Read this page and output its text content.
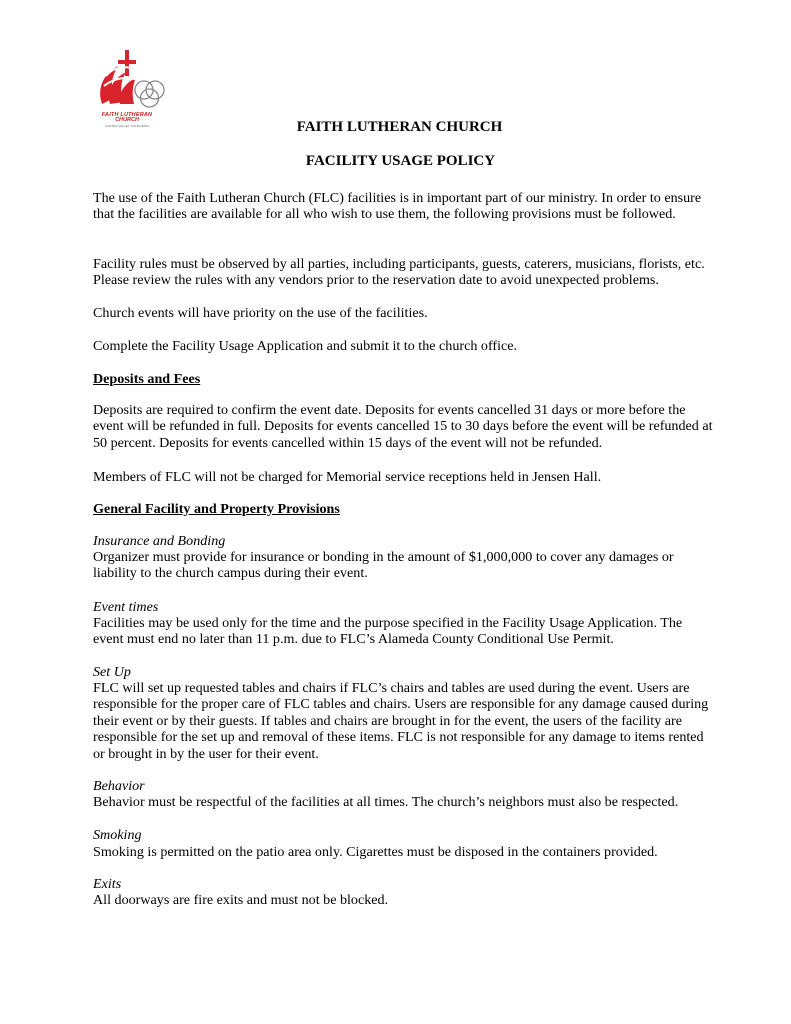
FAITH LUTHERAN
CHURCH
CASTRO VALLEY, CALIFORNIA	FAITH LUTHERAN CHURCH
FACILITY USAGE POLICY

The use of the Faith Lutheran Church (FLC) facilities is in important part of our ministry. In order to ensure that the facilities are available for all who wish to use them, the following provisions must be followed.

Facility rules must be observed by all parties, including participants, guests, caterers, musicians, florists, etc. Please review the rules with any vendors prior to the reservation date to avoid unexpected problems.

Church events will have priority on the use of the facilities.

Complete the Facility Usage Application and submit it to the church office.

Deposits and Fees

Deposits are required to confirm the event date. Deposits for events cancelled 31 days or more before the event will be refunded in full. Deposits for events cancelled 15 to 30 days before the event will be refunded at 50 percent. Deposits for events cancelled within 15 days of the event will not be refunded.

Members of FLC will not be charged for Memorial service receptions held in Jensen Hall.

General Facility and Property Provisions

Insurance and Bonding

Organizer must provide for insurance or bonding in the amount of $1,000,000 to cover any damages or liability to the church campus during their event.

Event times

Facilities may be used only for the time and the purpose specified in the Facility Usage Application. The event must end no later than 11 p.m. due to FLC’s Alameda County Conditional Use Permit.

Set Up

FLC will set up requested tables and chairs if FLC’s chairs and tables are used during the event. Users are responsible for the proper care of FLC tables and chairs. Users are responsible for any damage caused during their event or by their guests. If tables and chairs are brought in for the event, the users of the facility are responsible for the set up and removal of these items. FLC is not responsible for any damage to items rented or brought in by the user for their event.

Behavior

Behavior must be respectful of the facilities at all times. The church’s neighbors must also be respected.

Smoking

Smoking is permitted on the patio area only. Cigarettes must be disposed in the containers provided.

Exits

All doorways are fire exits and must not be blocked.
